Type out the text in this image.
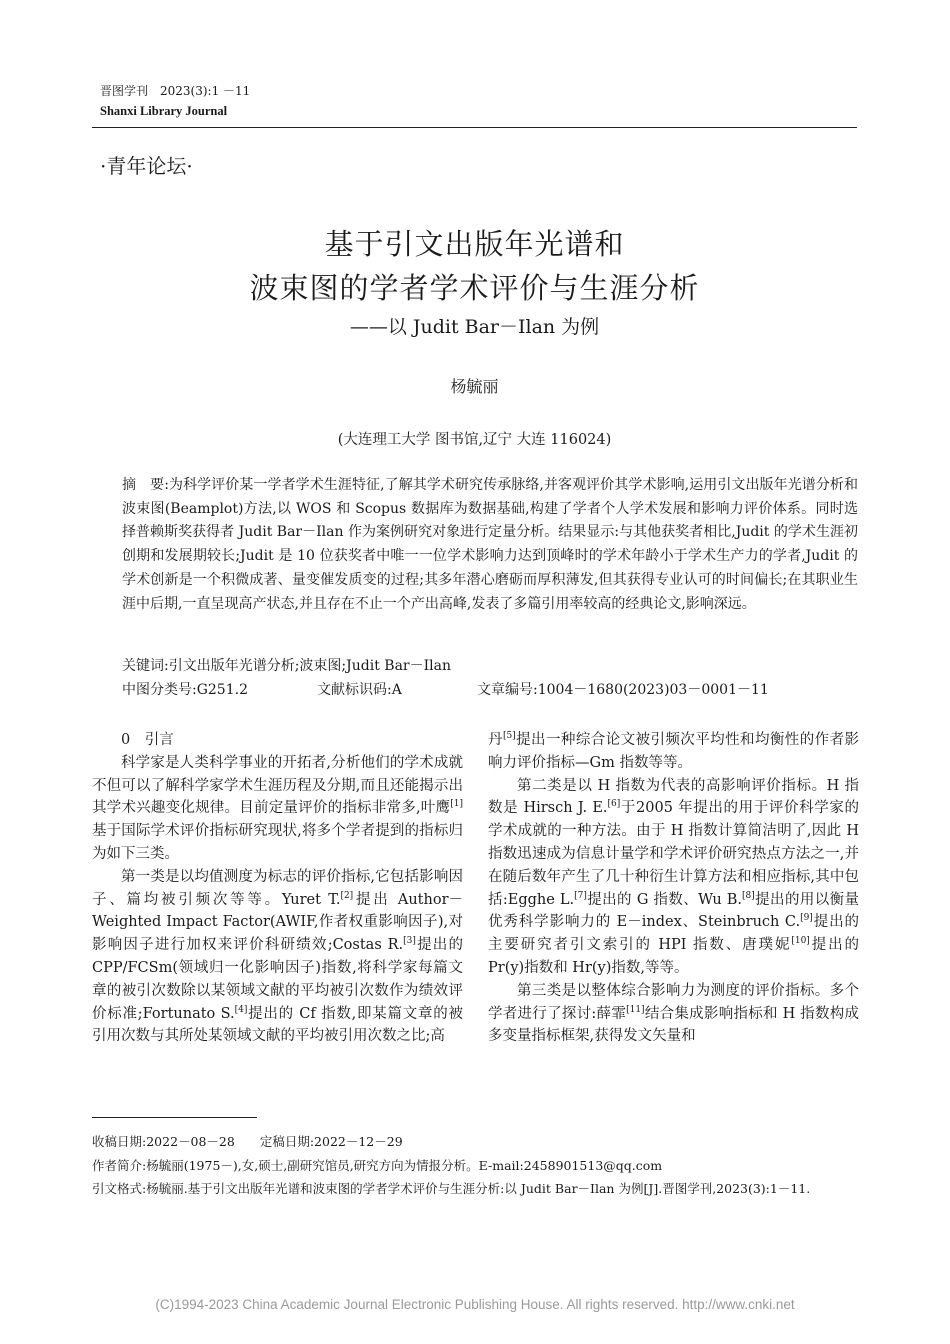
晋图学刊　2023(3):1 －11
Shanxi Library Journal
·青年论坛·
基于引文出版年光谱和
波束图的学者学术评价与生涯分析
——以 Judit Bar－Ilan 为例
杨毓丽
(大连理工大学 图书馆,辽宁 大连 116024)
摘　要:为科学评价某一学者学术生涯特征,了解其学术研究传承脉络,并客观评价其学术影响,运用引文出版年光谱分析和波束图(Beamplot)方法,以 WOS 和 Scopus 数据库为数据基础,构建了学者个人学术发展和影响力评价体系。同时选择普赖斯奖获得者 Judit Bar－Ilan 作为案例研究对象进行定量分析。结果显示:与其他获奖者相比,Judit 的学术生涯初创期和发展期较长;Judit 是 10 位获奖者中唯一一位学术影响力达到顶峰时的学术年龄小于学术生产力的学者,Judit 的学术创新是一个积微成著、量变催发质变的过程;其多年潜心磨砺而厚积薄发,但其获得专业认可的时间偏长;在其职业生涯中后期,一直呈现高产状态,并且存在不止一个产出高峰,发表了多篇引用率较高的经典论文,影响深远。
关键词:引文出版年光谱分析;波束图;Judit Bar－Ilan
中图分类号:G251.2	文献标识码:A	文章编号:1004－1680(2023)03－0001－11

0　引言

科学家是人类科学事业的开拓者,分析他们的学术成就不但可以了解科学家学术生涯历程及分期,而且还能揭示出其学术兴趣变化规律。目前定量评价的指标非常多,叶鹰[1]基于国际学术评价指标研究现状,将多个学者提到的指标归为如下三类。

第一类是以均值测度为标志的评价指标,它包括影响因子、篇均被引频次等等。Yuret T.[2]提出 Author－Weighted Impact Factor(AWIF,作者权重影响因子),对影响因子进行加权来评价科研绩效;Costas R.[3]提出的 CPP/FCSm(领域归一化影响因子)指数,将科学家每篇文章的被引次数除以某领域文献的平均被引次数作为绩效评价标准;Fortunato S.[4]提出的 Cf 指数,即某篇文章的被引用次数与其所处某领域文献的平均被引用次数之比;高

丹[5]提出一种综合论文被引频次平均性和均衡性的作者影响力评价指标—Gm 指数等等。

第二类是以 H 指数为代表的高影响评价指标。H 指数是 Hirsch J. E.[6]于2005 年提出的用于评价科学家的学术成就的一种方法。由于 H 指数计算简洁明了,因此 H 指数迅速成为信息计量学和学术评价研究热点方法之一,并在随后数年产生了几十种衍生计算方法和相应指标,其中包括:Egghe L.[7]提出的 G 指数、Wu B.[8]提出的用以衡量优秀科学影响力的 E－index、Steinbruch C.[9]提出的主要研究者引文索引的 HPI 指数、唐璞妮[10]提出的 Pr(y)指数和 Hr(y)指数,等等。

第三类是以整体综合影响力为测度的评价指标。多个学者进行了探讨:薛霏[11]结合集成影响指标和 H 指数构成多变量指标框架,获得发文矢量和

收稿日期:2022－08－28　　定稿日期:2022－12－29
作者简介:杨毓丽(1975－),女,硕士,副研究馆员,研究方向为情报分析。E-mail:2458901513@qq.com
引文格式:杨毓丽.基于引文出版年光谱和波束图的学者学术评价与生涯分析:以 Judit Bar－Ilan 为例[J].晋图学刊,2023(3):1－11.
(C)1994-2023 China Academic Journal Electronic Publishing House. All rights reserved. http://www.cnki.net
